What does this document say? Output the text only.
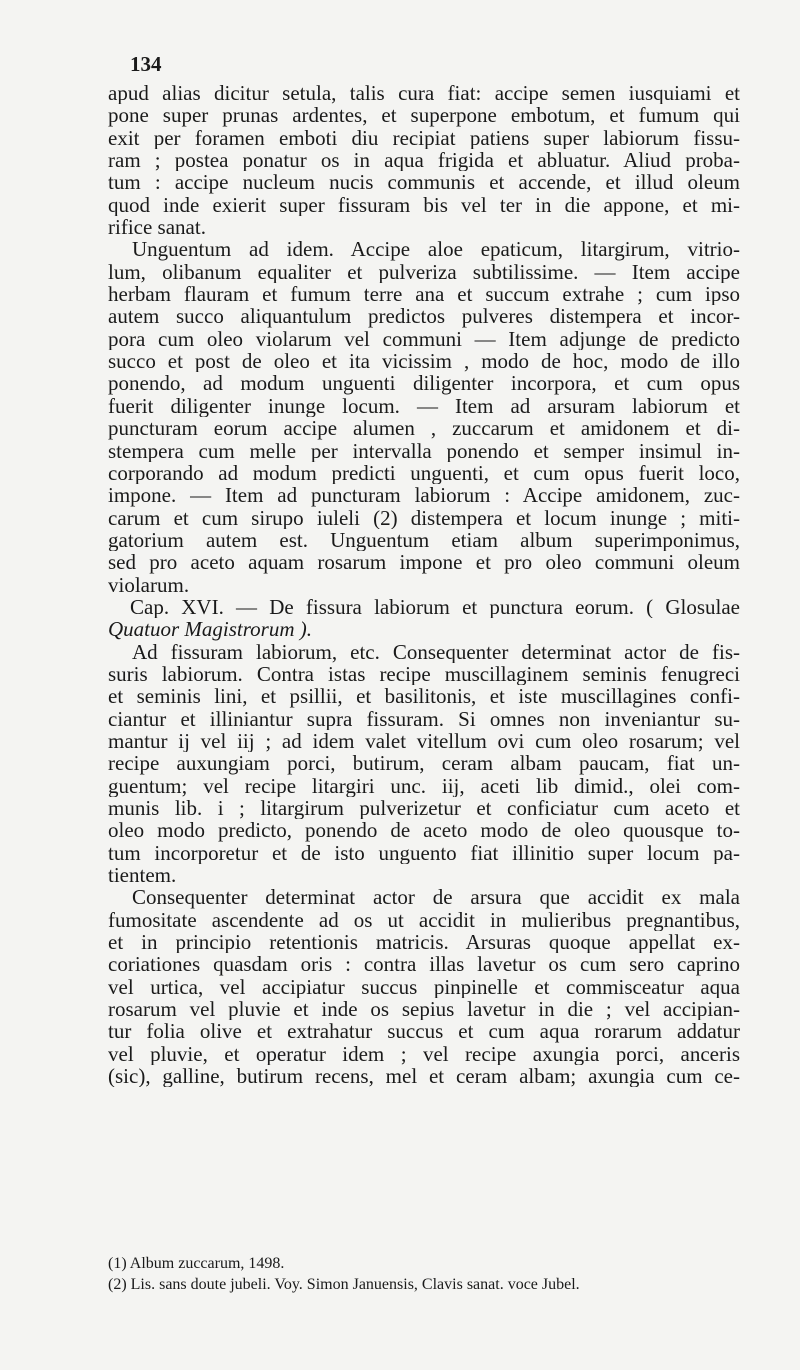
134
apud alias dicitur setula, talis cura fiat: accipe semen iusquiami et
pone super prunas ardentes, et superpone embotum, et fumum qui
exit per foramen emboti diu recipiat patiens super labiorum fissu-
ram ; postea ponatur os in aqua frigida et abluatur. Aliud proba-
tum : accipe nucleum nucis communis et accende, et illud oleum
quod inde exierit super fissuram bis vel ter in die appone, et mi-
rifice sanat.
Unguentum ad idem. Accipe aloe epaticum, litargirum, vitrio-
lum, olibanum equaliter et pulveriza subtilissime. — Item accipe
herbam flauram et fumum terre ana et succum extrahe ; cum ipso
autem succo aliquantulum predictos pulveres distempera et incor-
pora cum oleo violarum vel communi — Item adjunge de predicto
succo et post de oleo et ita vicissim , modo de hoc, modo de illo
ponendo, ad modum unguenti diligenter incorpora, et cum opus
fuerit diligenter inunge locum. — Item ad arsuram labiorum et
puncturam eorum accipe alumen , zuccarum et amidonem et di-
stempera cum melle per intervalla ponendo et semper insimul in-
corporando ad modum predicti unguenti, et cum opus fuerit loco,
impone. — Item ad puncturam labiorum : Accipe amidonem, zuc-
carum et cum sirupo iuleli (2) distempera et locum inunge ; miti-
gatorium autem est. Unguentum etiam album superimponimus,
sed pro aceto aquam rosarum impone et pro oleo communi oleum
violarum.
Cap. XVI. — De fissura labiorum et punctura eorum. ( Glosulae
Quatuor Magistrorum ).
Ad fissuram labiorum, etc. Consequenter determinat actor de fis-
suris labiorum. Contra istas recipe muscillaginem seminis fenugreci
et seminis lini, et psillii, et basilitonis, et iste muscillagines confi-
ciantur et illiniantur supra fissuram. Si omnes non inveniantur su-
mantur ij vel iij ; ad idem valet vitellum ovi cum oleo rosarum; vel
recipe auxungiam porci, butirum, ceram albam paucam, fiat un-
guentum; vel recipe litargiri unc. iij, aceti lib dimid., olei com-
munis lib. i ; litargirum pulverizetur et conficiatur cum aceto et
oleo modo predicto, ponendo de aceto modo de oleo quousque to-
tum incorporetur et de isto unguento fiat illinitio super locum pa-
tientem.
Consequenter determinat actor de arsura que accidit ex mala
fumositate ascendente ad os ut accidit in mulieribus pregnantibus,
et in principio retentionis matricis. Arsuras quoque appellat ex-
coriationes quasdam oris : contra illas lavetur os cum sero caprino
vel urtica, vel accipiatur succus pinpinelle et commisceatur aqua
rosarum vel pluvie et inde os sepius lavetur in die ; vel accipian-
tur folia olive et extrahatur succus et cum aqua rorarum addatur
vel pluvie, et operatur idem ; vel recipe axungia porci, anceris
(sic), galline, butirum recens, mel et ceram albam; axungia cum ce-
(1) Album zuccarum, 1498.
(2) Lis. sans doute jubeli. Voy. Simon Januensis, Clavis sanat. voce Jubel.
